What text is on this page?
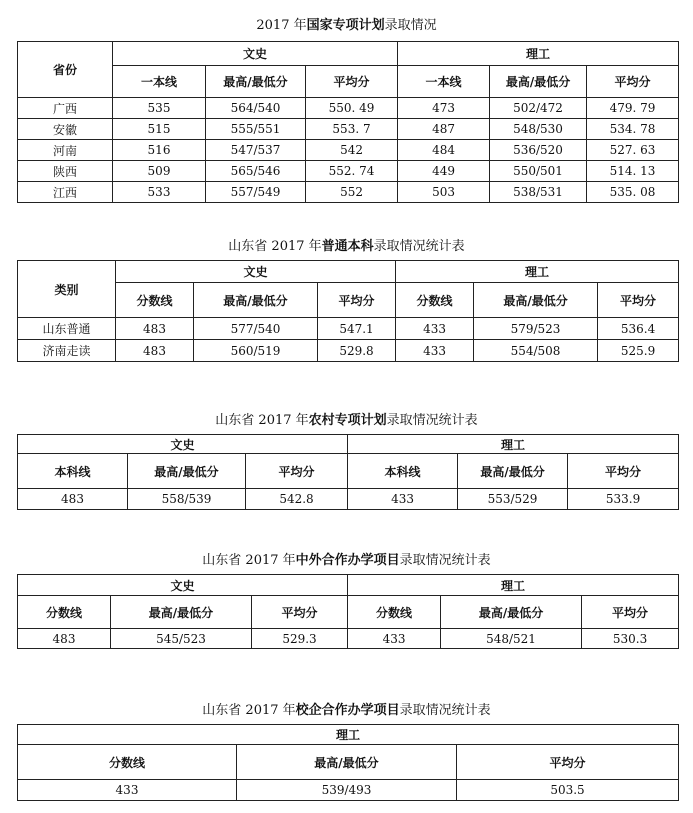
2017 年国家专项计划录取情况
省份	文史			理工		
	一本线	最高/最低分	平均分	一本线	最高/最低分	平均分
广西	535	564/540	550. 49	473	502/472	479. 79
安徽	515	555/551	553. 7	487	548/530	534. 78
河南	516	547/537	542	484	536/520	527. 63
陕西	509	565/546	552. 74	449	550/501	514. 13
江西	533	557/549	552	503	538/531	535. 08
山东省 2017 年普通本科录取情况统计表
类别	文史			理工		
	分数线	最高/最低分	平均分	分数线	最高/最低分	平均分
山东普通	483	577/540	547.1	433	579/523	536.4
济南走读	483	560/519	529.8	433	554/508	525.9
山东省 2017 年农村专项计划录取情况统计表
文史			理工		
本科线	最高/最低分	平均分	本科线	最高/最低分	平均分
483	558/539	542.8	433	553/529	533.9
山东省 2017 年中外合作办学项目录取情况统计表
文史			理工		
分数线	最高/最低分	平均分	分数线	最高/最低分	平均分
483	545/523	529.3	433	548/521	530.3
山东省 2017 年校企合作办学项目录取情况统计表
理工		
分数线	最高/最低分	平均分
433	539/493	503.5
